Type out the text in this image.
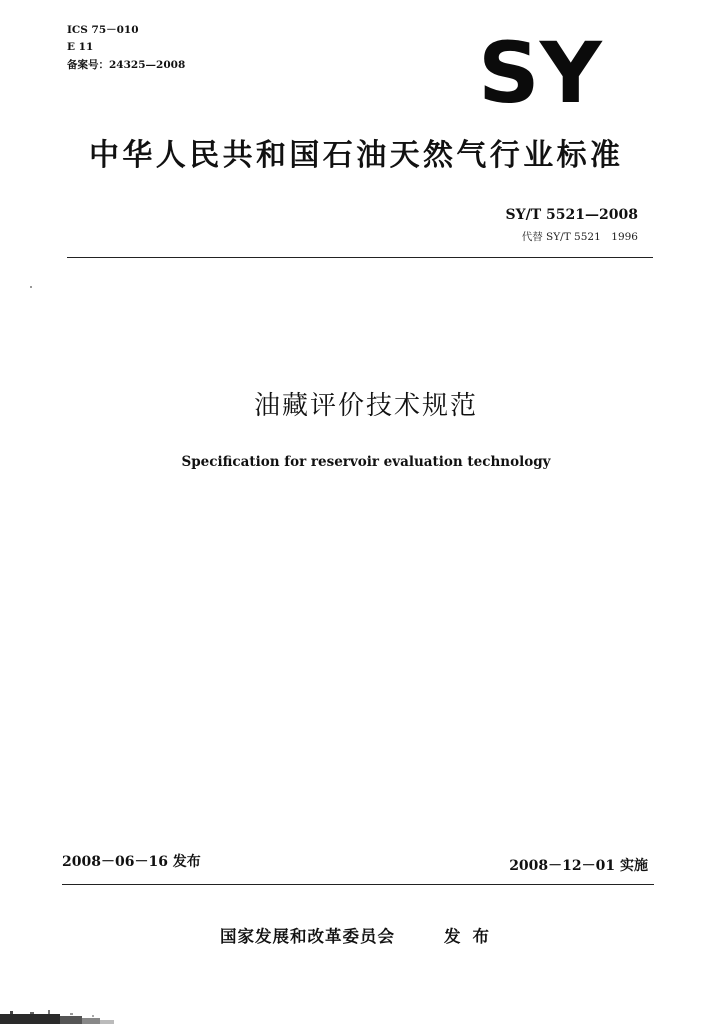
ICS 75－010
E 11
备案号：24325—2008	SY
中华人民共和国石油天然气行业标准
SY/T 5521—2008
代替 SY/T 5521　1996
油藏评价技术规范
Specification for reservoir evaluation technology
2008－06－16 发布	2008－12－01 实施
国家发展和改革委员会	发布
